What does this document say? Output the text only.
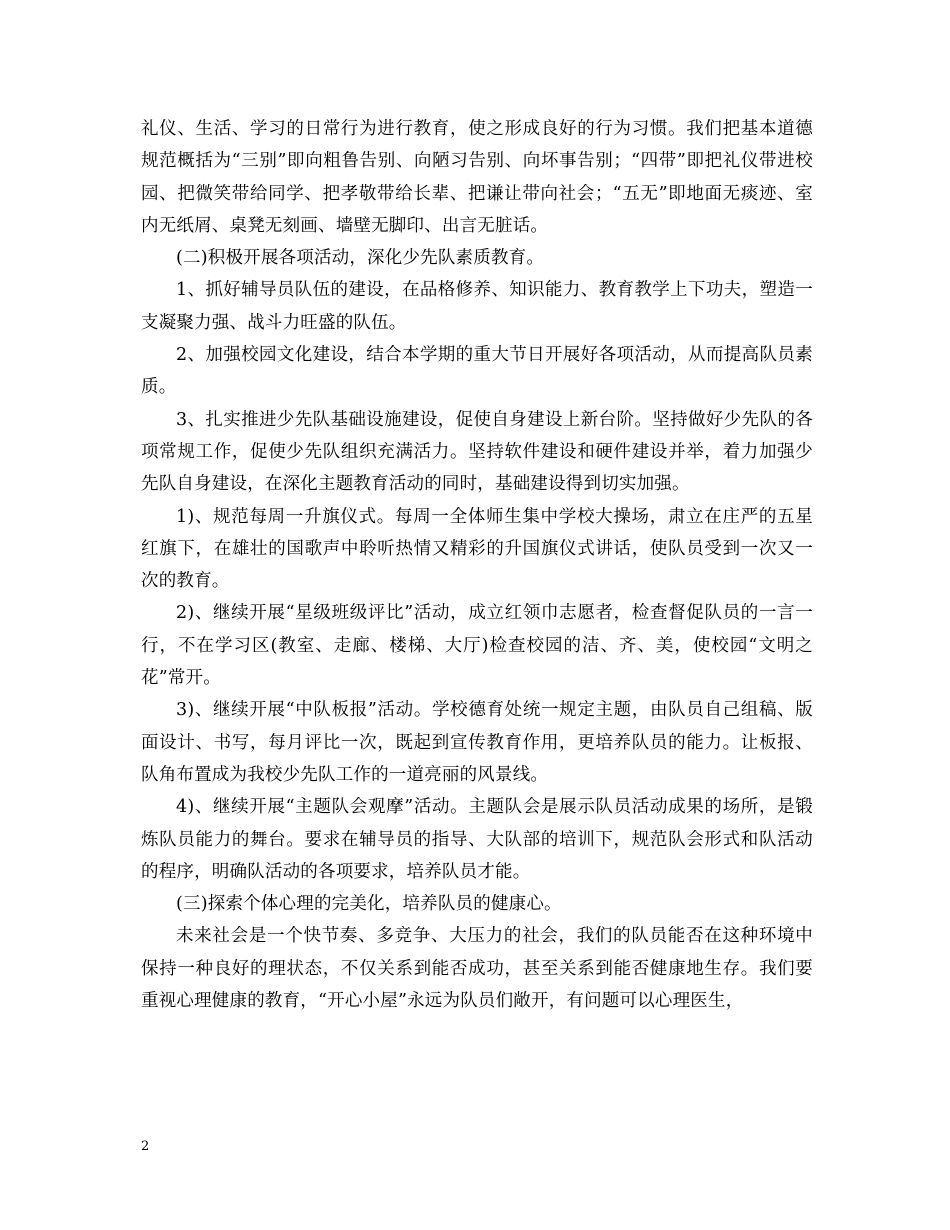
礼仪、生活、学习的日常行为进行教育，使之形成良好的行为习惯。我们把基本道德规范概括为“三别”即向粗鲁告别、向陋习告别、向坏事告别；“四带”即把礼仪带进校园、把微笑带给同学、把孝敬带给长辈、把谦让带向社会；“五无”即地面无痰迹、室内无纸屑、桌凳无刻画、墙壁无脚印、出言无脏话。

(二)积极开展各项活动，深化少先队素质教育。

1、抓好辅导员队伍的建设，在品格修养、知识能力、教育教学上下功夫，塑造一支凝聚力强、战斗力旺盛的队伍。

2、加强校园文化建设，结合本学期的重大节日开展好各项活动，从而提高队员素质。

3、扎实推进少先队基础设施建设，促使自身建设上新台阶。坚持做好少先队的各项常规工作，促使少先队组织充满活力。坚持软件建设和硬件建设并举，着力加强少先队自身建设，在深化主题教育活动的同时，基础建设得到切实加强。

1)、规范每周一升旗仪式。每周一全体师生集中学校大操场，肃立在庄严的五星红旗下，在雄壮的国歌声中聆听热情又精彩的升国旗仪式讲话，使队员受到一次又一次的教育。

2)、继续开展“星级班级评比”活动，成立红领巾志愿者，检查督促队员的一言一行，不在学习区(教室、走廊、楼梯、大厅)检查校园的洁、齐、美，使校园“文明之花”常开。

3)、继续开展“中队板报”活动。学校德育处统一规定主题，由队员自己组稿、版面设计、书写，每月评比一次，既起到宣传教育作用，更培养队员的能力。让板报、队角布置成为我校少先队工作的一道亮丽的风景线。

4)、继续开展“主题队会观摩”活动。主题队会是展示队员活动成果的场所，是锻炼队员能力的舞台。要求在辅导员的指导、大队部的培训下，规范队会形式和队活动的程序，明确队活动的各项要求，培养队员才能。

(三)探索个体心理的完美化，培养队员的健康心。

未来社会是一个快节奏、多竞争、大压力的社会，我们的队员能否在这种环境中保持一种良好的理状态，不仅关系到能否成功，甚至关系到能否健康地生存。我们要重视心理健康的教育，“开心小屋”永远为队员们敞开，有问题可以心理医生，

2
